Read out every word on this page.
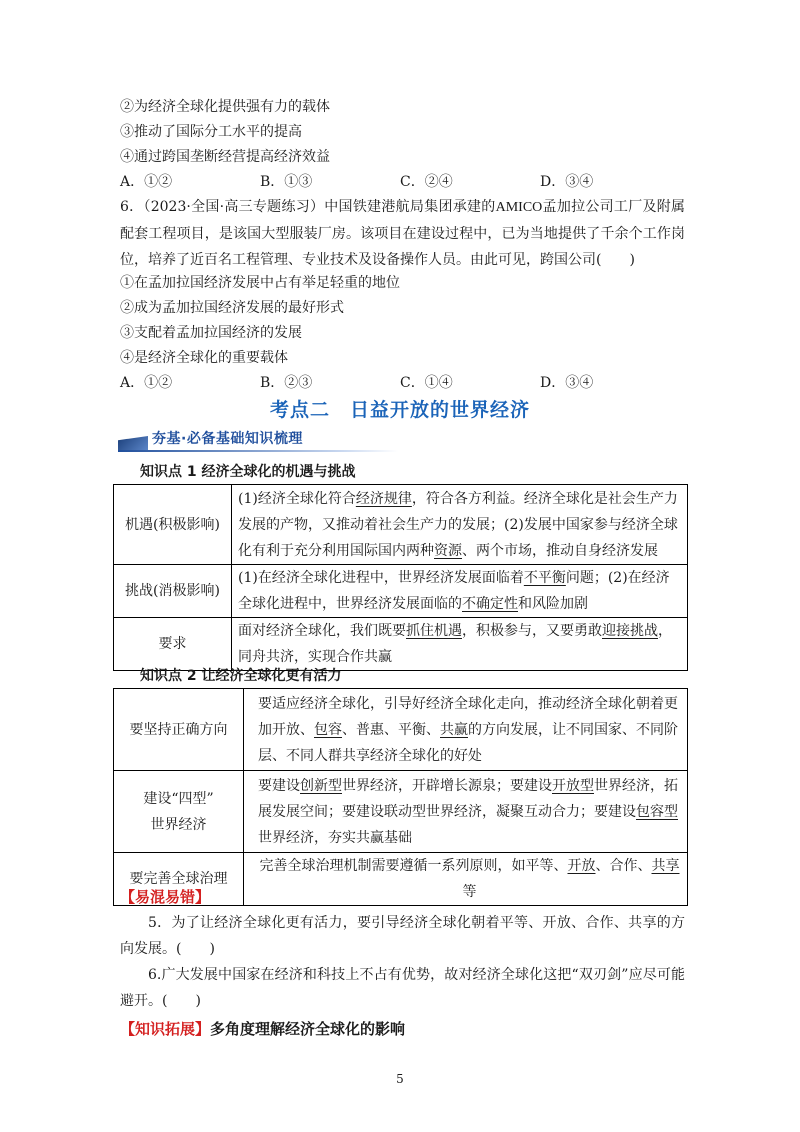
②为经济全球化提供强有力的载体
③推动了国际分工水平的提高
④通过跨国垄断经营提高经济效益
A．①②	B．①③	C．②④	D．③④
6．（2023·全国·高三专题练习）中国铁建港航局集团承建的AMICO孟加拉公司工厂及附属配套工程项目，是该国大型服装厂房。该项目在建设过程中，已为当地提供了千余个工作岗位，培养了近百名工程管理、专业技术及设备操作人员。由此可见，跨国公司(　　)
①在孟加拉国经济发展中占有举足轻重的地位
②成为孟加拉国经济发展的最好形式
③支配着孟加拉国经济的发展
④是经济全球化的重要载体
A．①②	B．②③	C．①④	D．③④
考点二　日益开放的世界经济
夯基·必备基础知识梳理
知识点 1 经济全球化的机遇与挑战
机遇(积极影响)	(1)经济全球化符合经济规律，符合各方利益。经济全球化是社会生产力发展的产物，又推动着社会生产力的发展；(2)发展中国家参与经济全球化有利于充分利用国际国内两种资源、两个市场，推动自身经济发展
挑战(消极影响)	(1)在经济全球化进程中，世界经济发展面临着不平衡问题；(2)在经济全球化进程中，世界经济发展面临的不确定性和风险加剧
要求	面对经济全球化，我们既要抓住机遇，积极参与，又要勇敢迎接挑战，同舟共济，实现合作共赢
知识点 2 让经济全球化更有活力
要坚持正确方向	要适应经济全球化，引导好经济全球化走向，推动经济全球化朝着更加开放、包容、普惠、平衡、共赢的方向发展，让不同国家、不同阶层、不同人群共享经济全球化的好处

建设“四型”
世界经济	要建设创新型世界经济，开辟增长源泉；要建设开放型世界经济，拓展发展空间；要建设联动型世界经济，凝聚互动合力；要建设包容型世界经济，夯实共赢基础
要完善全球治理	完善全球治理机制需要遵循一系列原则，如平等、开放、合作、共享等
【易混易错】
5．为了让经济全球化更有活力，要引导经济全球化朝着平等、开放、合作、共享的方向发展。(　　)
6.广大发展中国家在经济和科技上不占有优势，故对经济全球化这把“双刃剑”应尽可能避开。(　　)
【知识拓展】多角度理解经济全球化的影响
5
